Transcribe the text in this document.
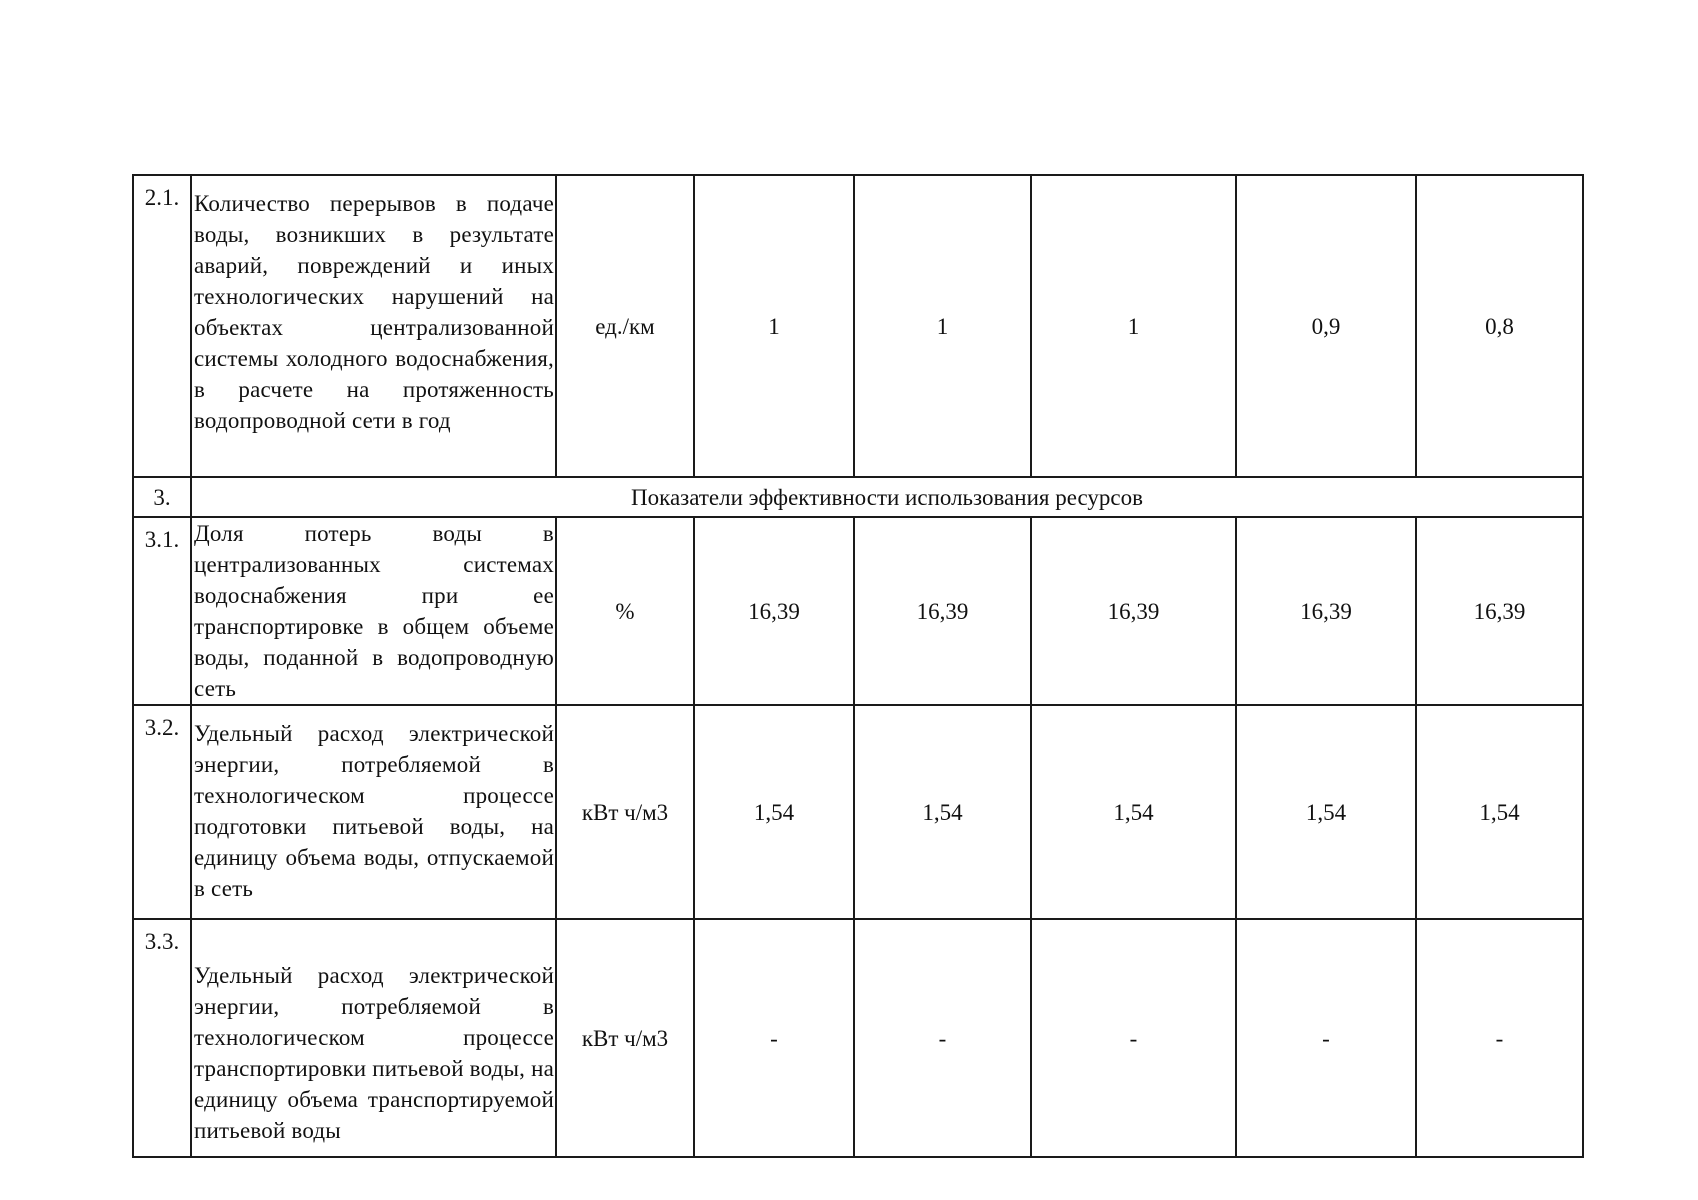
2.1.	Количество перерывов в подаче воды, возникших в результате аварий, повреждений и иных технологических нарушений на объектах централизованной системы холодного водоснабжения, в расчете на протяженность водопроводной сети в год	ед./км	1	1	1	0,9	0,8
3.	Показатели эффективности использования ресурсов						
3.1.	Доля потерь воды в централизованных системах водоснабжения при ее транспортировке в общем объеме воды, поданной в водопроводную сеть	%	16,39	16,39	16,39	16,39	16,39
3.2.	Удельный расход электрической энергии, потребляемой в технологическом процессе подготовки питьевой воды, на единицу объема воды, отпускаемой в сеть	кВт ч/м3	1,54	1,54	1,54	1,54	1,54
3.3.	Удельный расход электрической энергии, потребляемой в технологическом процессе транспортировки питьевой воды, на единицу объема транспортируемой питьевой воды	кВт ч/м3	-	-	-	-	-
